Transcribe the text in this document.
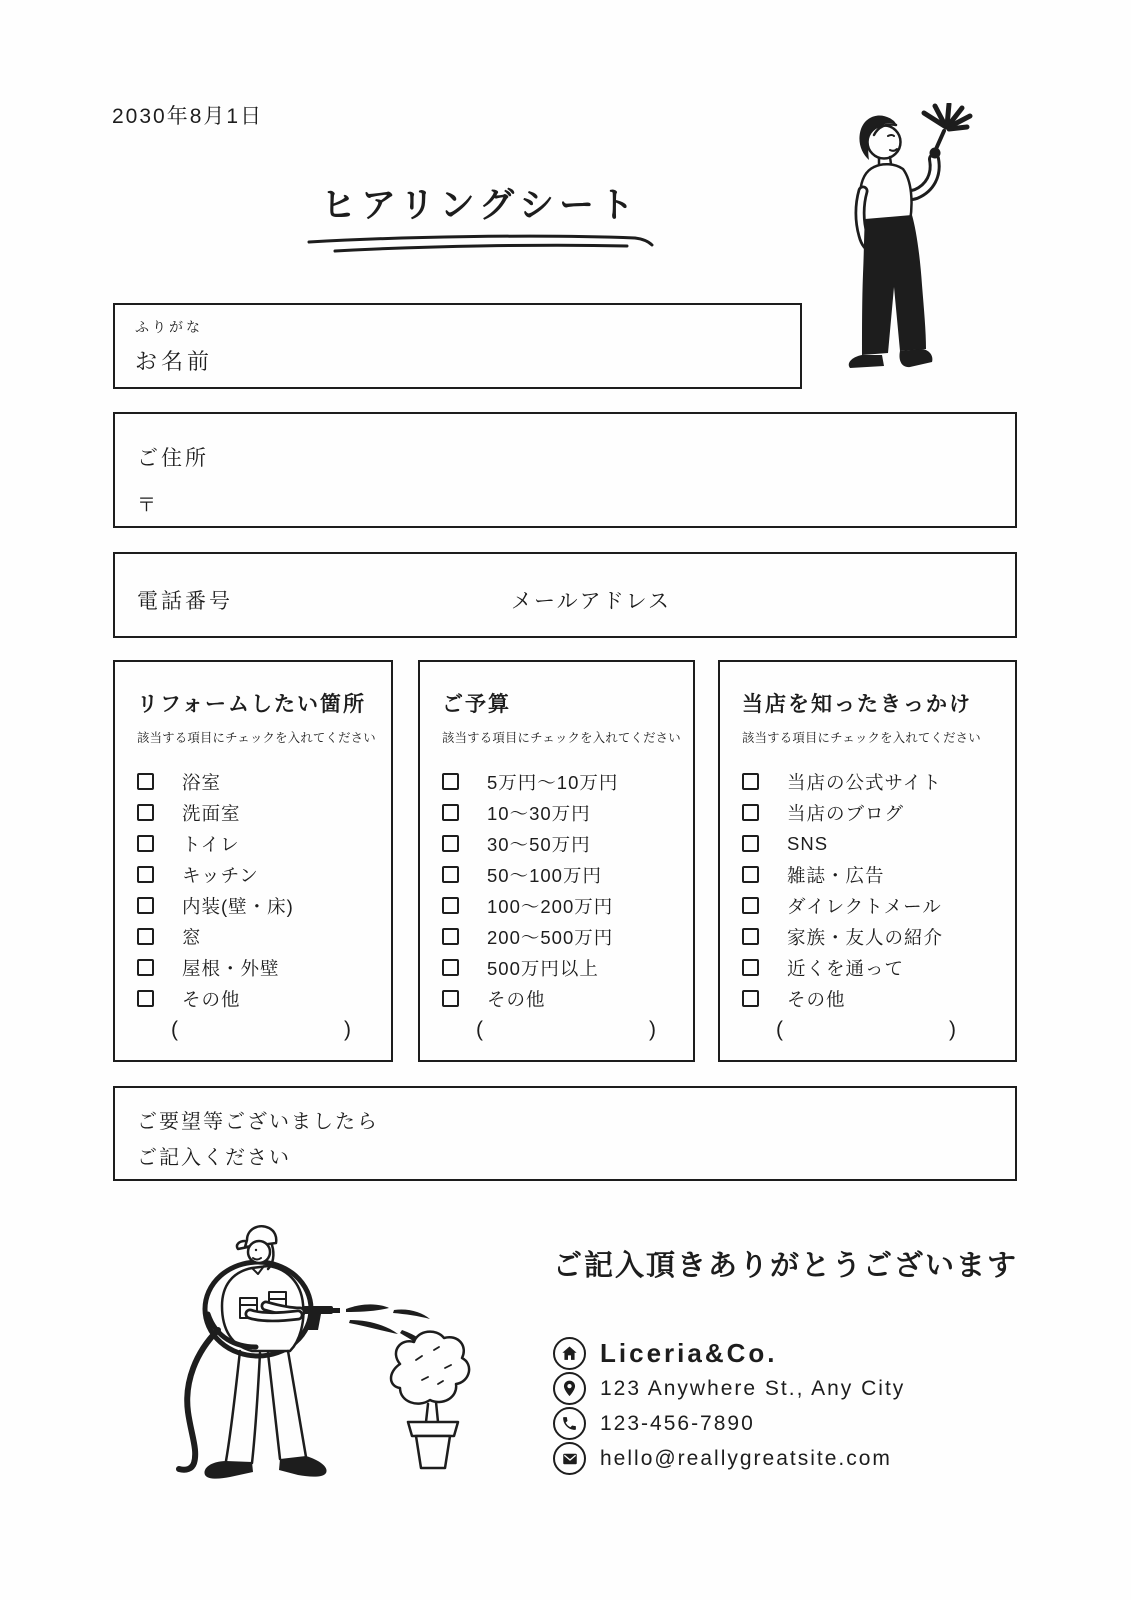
2030年8月1日
ヒアリングシート
ふりがな
お名前
ご住所
〒
電話番号	メールアドレス
リフォームしたい箇所
該当する項目にチェックを入れてください
浴室
洗面室
トイレ
キッチン
内装(壁・床)
窓
屋根・外壁
その他
(	)
ご予算
該当する項目にチェックを入れてください
5万円〜10万円
10〜30万円
30〜50万円
50〜100万円
100〜200万円
200〜500万円
500万円以上
その他
(	)
当店を知ったきっかけ
該当する項目にチェックを入れてください
当店の公式サイト
当店のブログ
SNS
雑誌・広告
ダイレクトメール
家族・友人の紹介
近くを通って
その他
(	)
ご要望等ございましたら
ご記入ください
ご記入頂きありがとうございます
Liceria&Co.
123 Anywhere St., Any City
123-456-7890
hello@reallygreatsite.com
